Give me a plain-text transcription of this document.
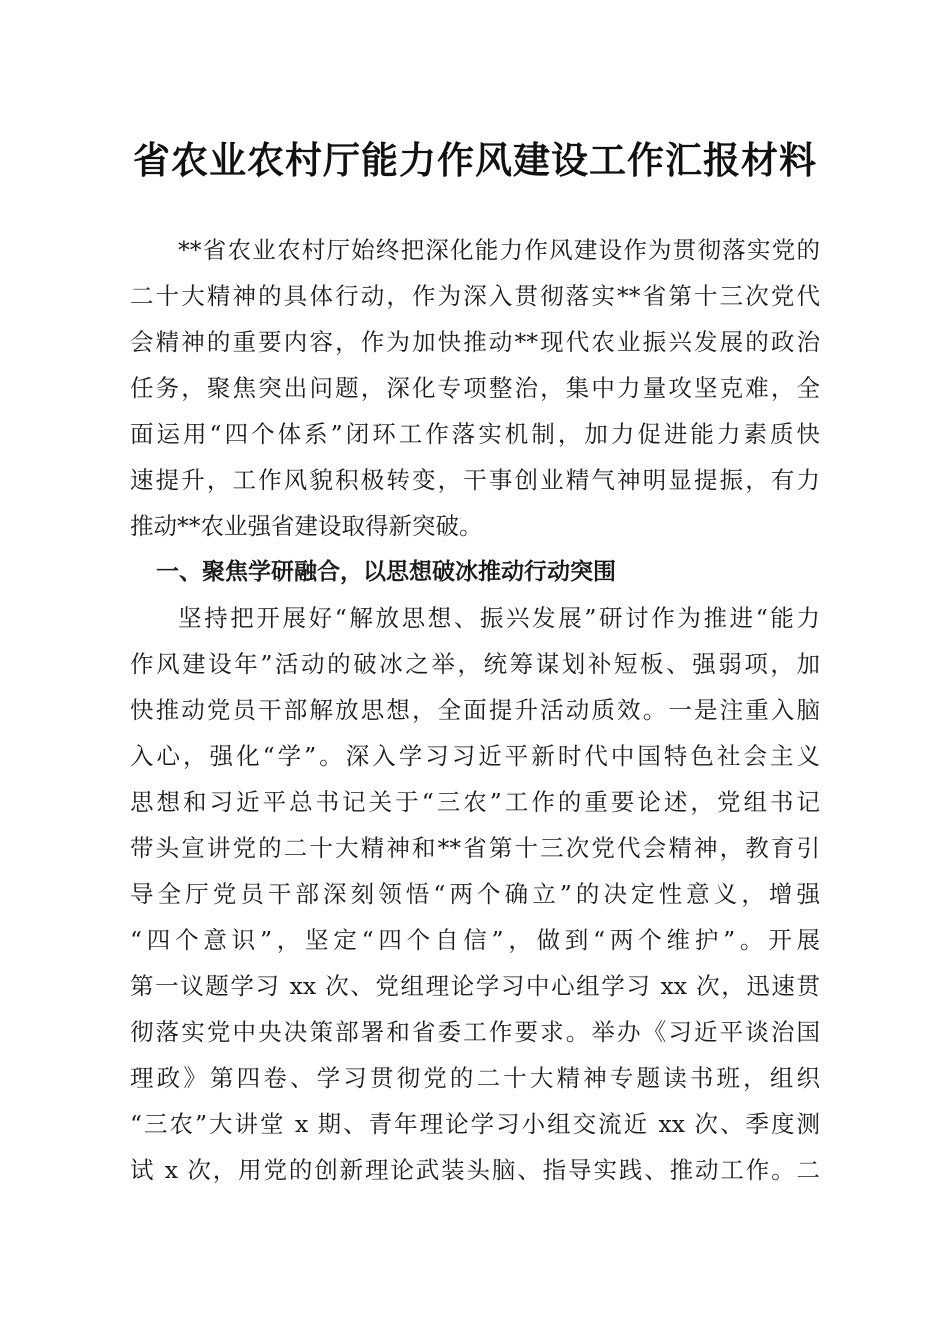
省农业农村厅能力作风建设工作汇报材料
**省农业农村厅始终把深化能力作风建设作为贯彻落实党的
二十大精神的具体行动，作为深入贯彻落实**省第十三次党代
会精神的重要内容，作为加快推动**现代农业振兴发展的政治
任务，聚焦突出问题，深化专项整治，集中力量攻坚克难，全
面运用“四个体系”闭环工作落实机制，加力促进能力素质快
速提升，工作风貌积极转变，干事创业精气神明显提振，有力
推动**农业强省建设取得新突破。
一、聚焦学研融合，以思想破冰推动行动突围
坚持把开展好“解放思想、振兴发展”研讨作为推进“能力
作风建设年”活动的破冰之举，统筹谋划补短板、强弱项，加
快推动党员干部解放思想，全面提升活动质效。一是注重入脑
入心，强化“学”。深入学习习近平新时代中国特色社会主义
思想和习近平总书记关于“三农”工作的重要论述，党组书记
带头宣讲党的二十大精神和**省第十三次党代会精神，教育引
导全厅党员干部深刻领悟“两个确立”的决定性意义，增强
“四个意识”，坚定“四个自信”，做到“两个维护”。开展
第一议题学习 xx 次、党组理论学习中心组学习 xx 次，迅速贯
彻落实党中央决策部署和省委工作要求。举办《习近平谈治国
理政》第四卷、学习贯彻党的二十大精神专题读书班，组织
“三农”大讲堂 x 期、青年理论学习小组交流近 xx 次、季度测
试 x 次，用党的创新理论武装头脑、指导实践、推动工作。二
